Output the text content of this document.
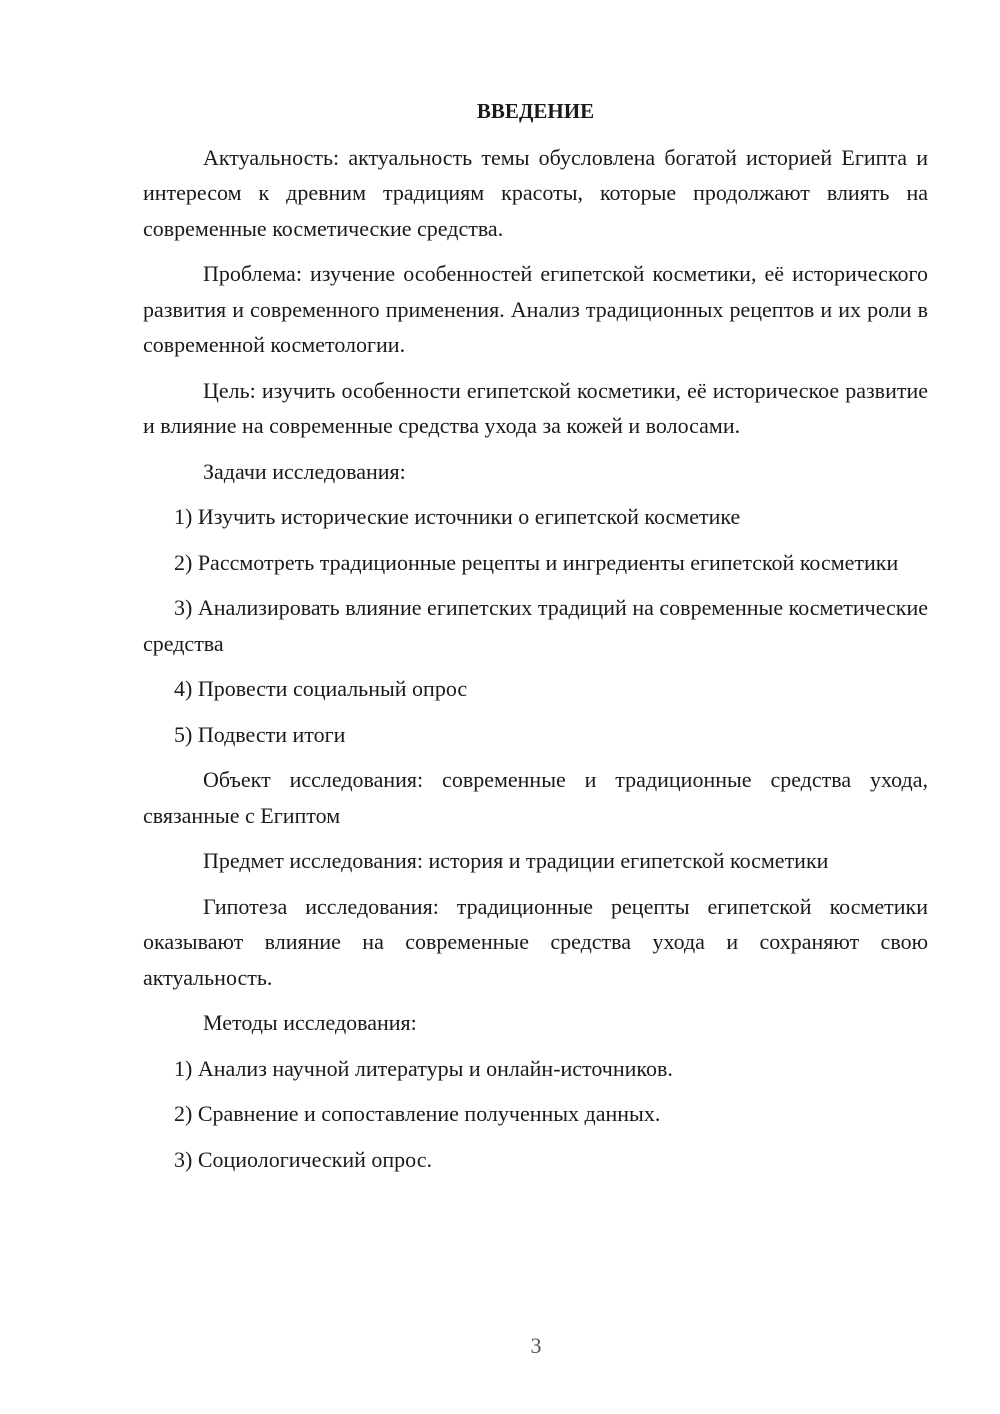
ВВЕДЕНИЕ

Актуальность: актуальность темы обусловлена богатой историей Египта и интересом к древним традициям красоты, которые продолжают влиять на современные косметические средства.

Проблема: изучение особенностей египетской косметики, её исторического развития и современного применения. Анализ традиционных рецептов и их роли в современной косметологии.

Цель: изучить особенности египетской косметики, её историческое развитие и влияние на современные средства ухода за кожей и волосами.

Задачи исследования:

1) Изучить исторические источники о египетской косметике

2) Рассмотреть традиционные рецепты и ингредиенты египетской косметики

3) Анализировать влияние египетских традиций на современные косметические средства

4) Провести социальный опрос

5) Подвести итоги

Объект исследования: современные и традиционные средства ухода, связанные с Египтом

Предмет исследования: история и традиции египетской косметики

Гипотеза исследования: традиционные рецепты египетской косметики оказывают влияние на современные средства ухода и сохраняют свою актуальность.

Методы исследования:

1) Анализ научной литературы и онлайн-источников.

2) Сравнение и сопоставление полученных данных.

3) Социологический опрос.

3
